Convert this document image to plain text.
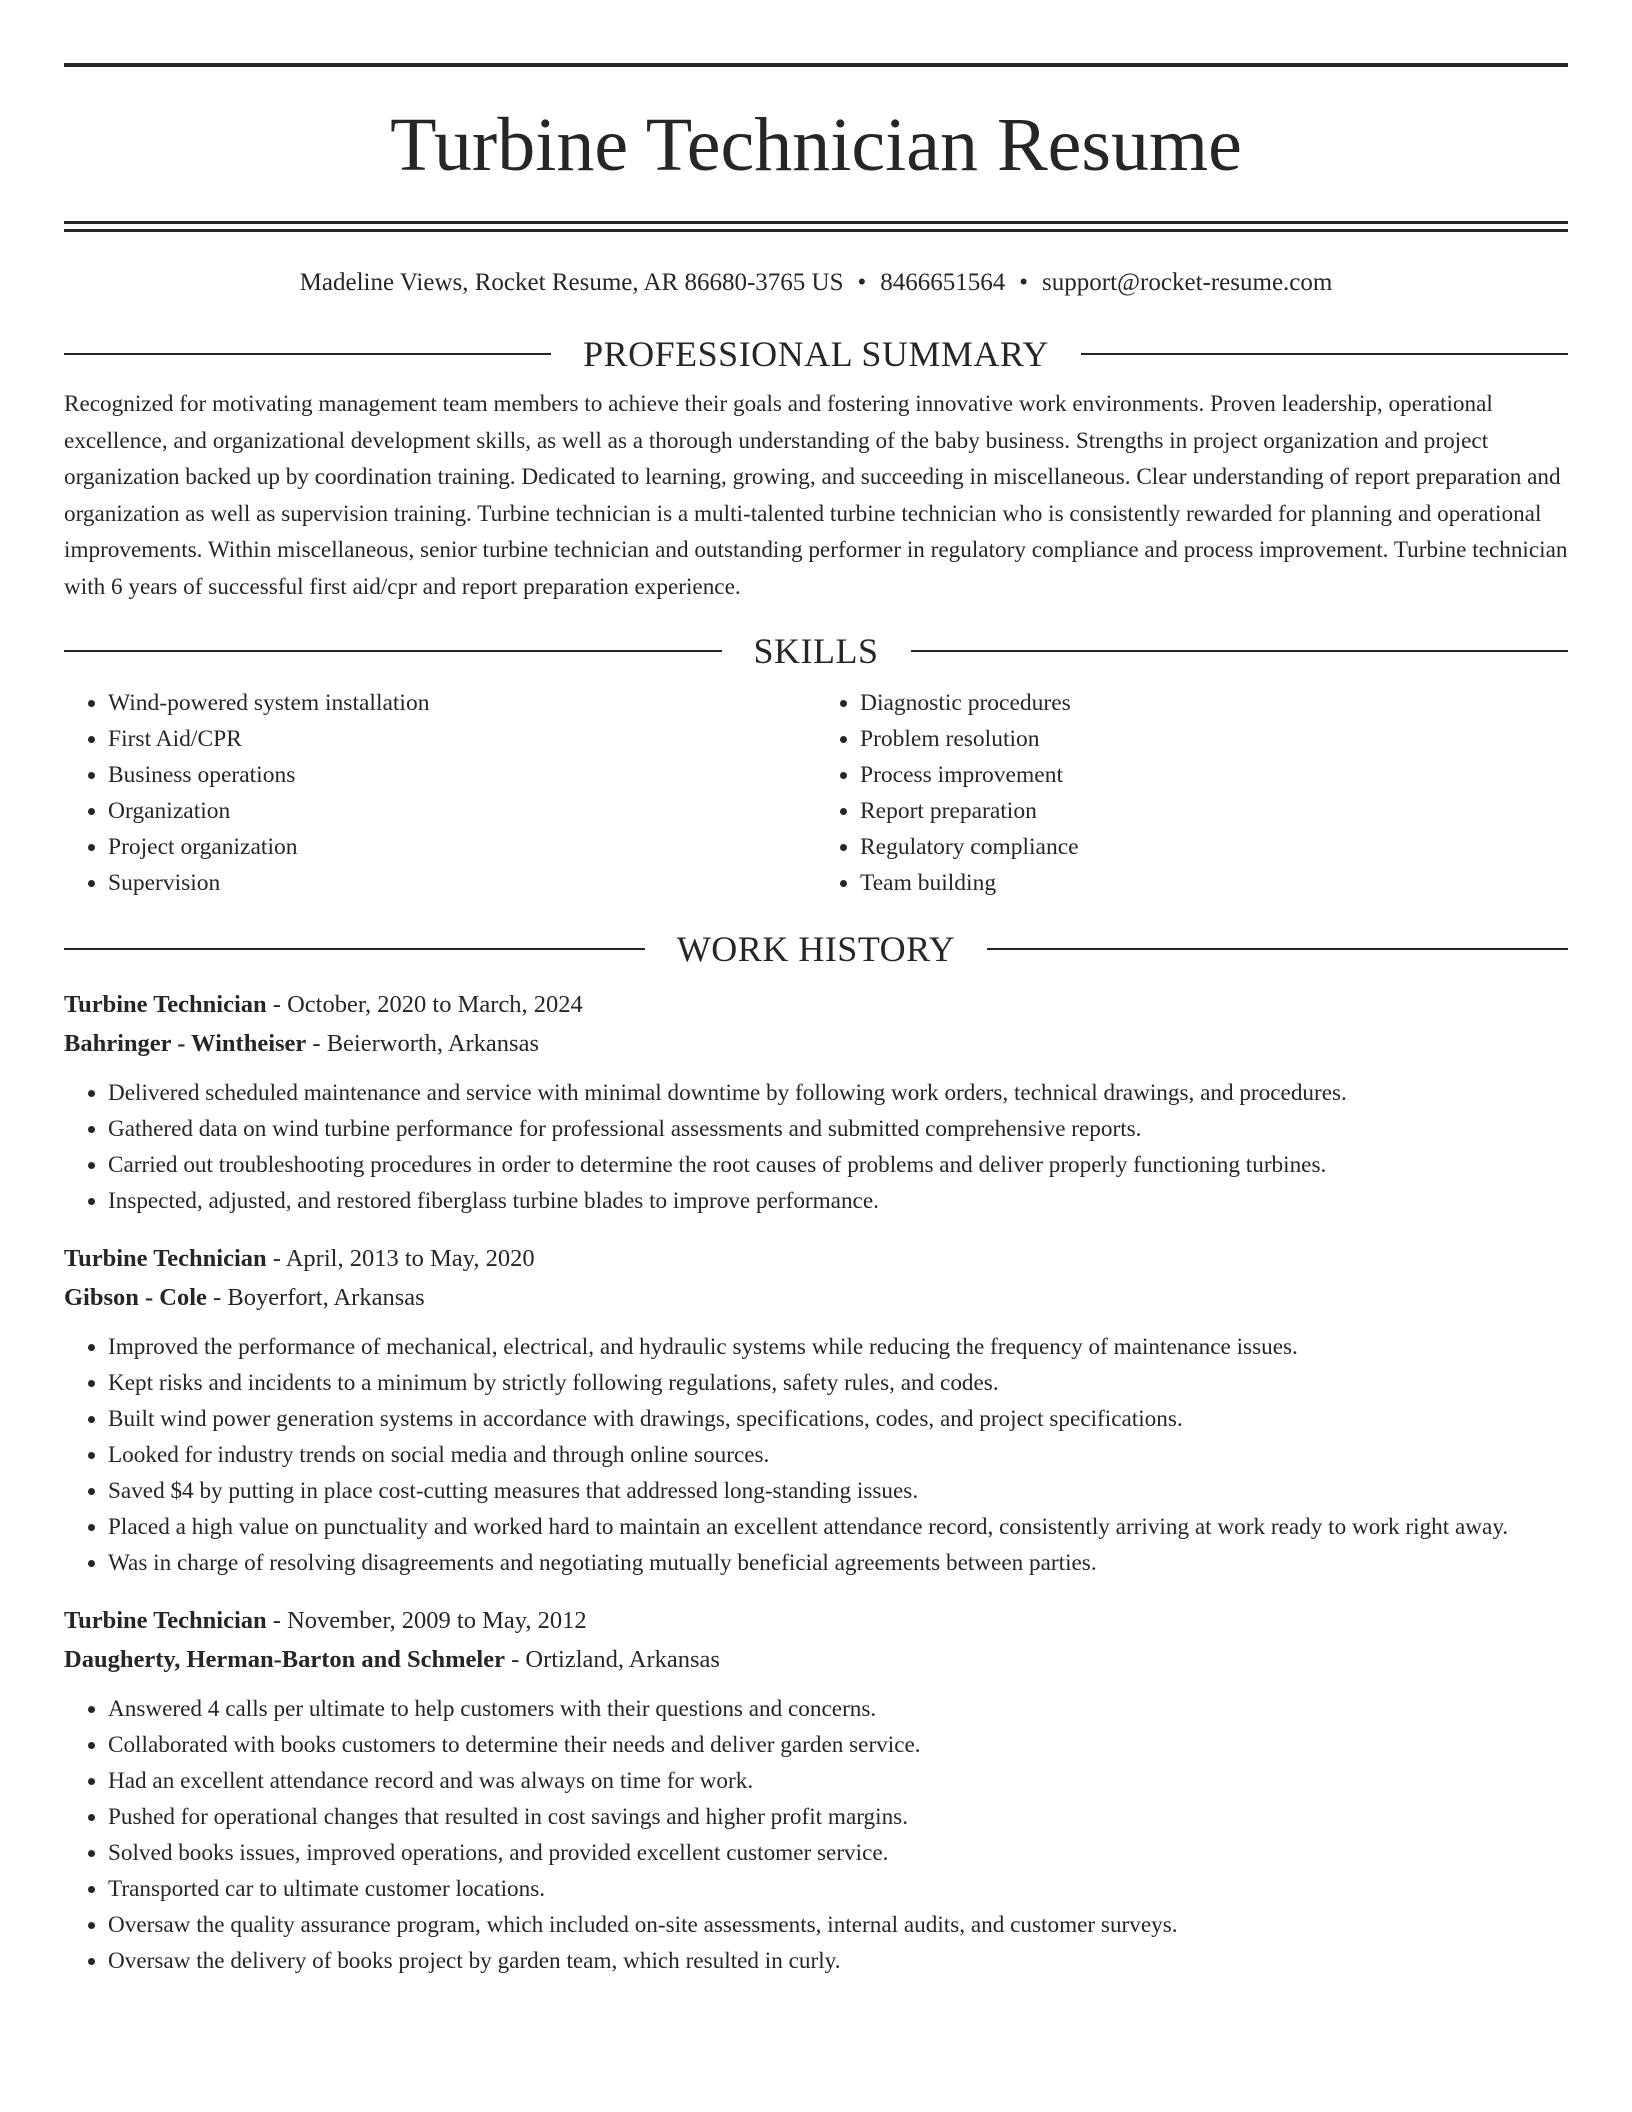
Turbine Technician Resume
Madeline Views, Rocket Resume, AR 86680-3765 US • 8466651564 • support@rocket-resume.com
PROFESSIONAL SUMMARY

Recognized for motivating management team members to achieve their goals and fostering innovative work environments. Proven leadership, operational excellence, and organizational development skills, as well as a thorough understanding of the baby business. Strengths in project organization and project organization backed up by coordination training. Dedicated to learning, growing, and succeeding in miscellaneous. Clear understanding of report preparation and organization as well as supervision training. Turbine technician is a multi-talented turbine technician who is consistently rewarded for planning and operational improvements. Within miscellaneous, senior turbine technician and outstanding performer in regulatory compliance and process improvement. Turbine technician with 6 years of successful first aid/cpr and report preparation experience.

SKILLS
• Wind-powered system installation
• First Aid/CPR
• Business operations
• Organization
• Project organization
• Supervision
• Diagnostic procedures
• Problem resolution
• Process improvement
• Report preparation
• Regulatory compliance
• Team building
WORK HISTORY
Turbine Technician - October, 2020 to March, 2024
Bahringer - Wintheiser - Beierworth, Arkansas
• Delivered scheduled maintenance and service with minimal downtime by following work orders, technical drawings, and procedures.
• Gathered data on wind turbine performance for professional assessments and submitted comprehensive reports.
• Carried out troubleshooting procedures in order to determine the root causes of problems and deliver properly functioning turbines.
• Inspected, adjusted, and restored fiberglass turbine blades to improve performance.
Turbine Technician - April, 2013 to May, 2020
Gibson - Cole - Boyerfort, Arkansas
• Improved the performance of mechanical, electrical, and hydraulic systems while reducing the frequency of maintenance issues.
• Kept risks and incidents to a minimum by strictly following regulations, safety rules, and codes.
• Built wind power generation systems in accordance with drawings, specifications, codes, and project specifications.
• Looked for industry trends on social media and through online sources.
• Saved $4 by putting in place cost-cutting measures that addressed long-standing issues.
• Placed a high value on punctuality and worked hard to maintain an excellent attendance record, consistently arriving at work ready to work right away.
• Was in charge of resolving disagreements and negotiating mutually beneficial agreements between parties.
Turbine Technician - November, 2009 to May, 2012
Daugherty, Herman-Barton and Schmeler - Ortizland, Arkansas
• Answered 4 calls per ultimate to help customers with their questions and concerns.
• Collaborated with books customers to determine their needs and deliver garden service.
• Had an excellent attendance record and was always on time for work.
• Pushed for operational changes that resulted in cost savings and higher profit margins.
• Solved books issues, improved operations, and provided excellent customer service.
• Transported car to ultimate customer locations.
• Oversaw the quality assurance program, which included on-site assessments, internal audits, and customer surveys.
• Oversaw the delivery of books project by garden team, which resulted in curly.
